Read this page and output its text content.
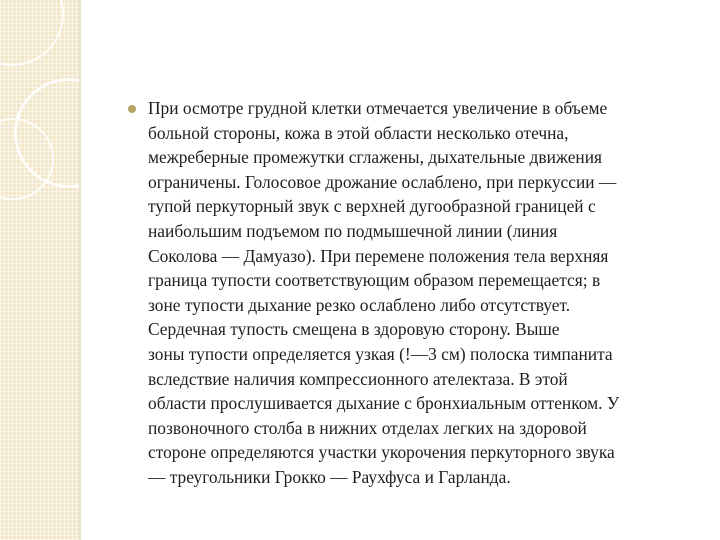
При осмотре грудной клетки отмечается увеличение в объеме
больной стороны, кожа в этой области несколько отечна,
межреберные промежутки сглажены, дыхательные движения
ограничены. Голосовое дрожание ослаблено, при перкуссии —
тупой перкуторный звук с верхней дугообразной границей с
наибольшим подъемом по подмышечной линии (линия
Соколова — Дамуазо). При перемене положения тела верхняя
граница тупости соответствующим образом перемещается; в
зоне тупости дыхание резко ослаблено либо отсутствует.
Сердечная тупость смещена в здоровую сторону. Выше
зоны тупости определяется узкая (!—3 см) полоска тимпанита
вследствие наличия компрессионного ателектаза. В этой
области прослушивается дыхание с бронхиальным оттенком. У
позвоночного столба в нижних отделах легких на здоровой
стороне определяются участки укорочения перкуторного звука
— треугольники Грокко — Раухфуса и Гарланда.
